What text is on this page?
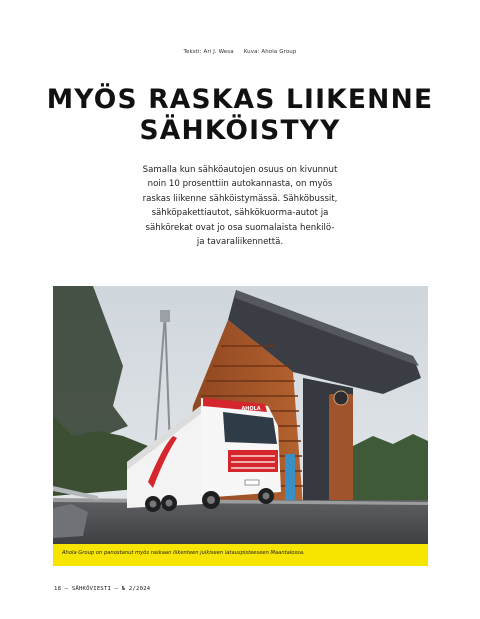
Teksti: Ari J. Wesa Kuva: Ahola Group
MYÖS RASKAS LIIKENNE
SÄHKÖISTYY
Samalla kun sähköautojen osuus on kivunnut
noin 10 prosenttiin autokannasta, on myös
raskas liikenne sähköistymässä. Sähköbussit,
sähköpakettiautot, sähkökuorma-autot ja
sähkörekat ovat jo osa suomalaista henkilö-
ja tavaraliikennettä.
AHOLA
Ahola Group on panostanut myös raskaan liikenteen julkiseen latauspisteeseen Maantalossa.
18 — SÄHKÖVIESTI — № 2/2024
